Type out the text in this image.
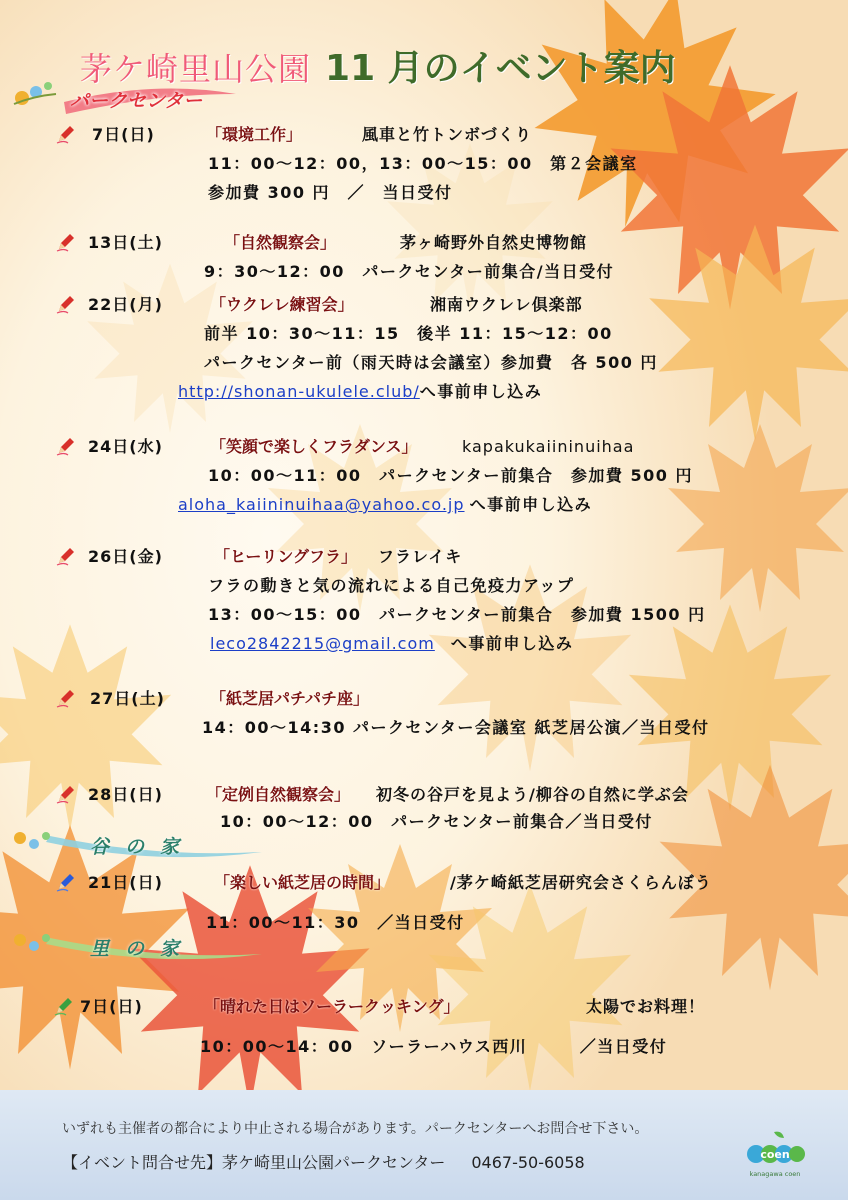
茅ケ崎里山公園 11 月のイベント案内
パークセンター
谷の家
里の家
7日(日)	「環境工作」	風車と竹トンボづくり
11：00～12：00，13：00～15：00　第２会議室
参加費 300 円　／　当日受付
13日(土)	「自然観察会」	茅ヶ崎野外自然史博物館
9：30～12：00　パークセンター前集合/当日受付
22日(月)	「ウクレレ練習会」	湘南ウクレレ倶楽部
前半 10：30～11：15　後半 11：15～12：00
パークセンター前（雨天時は会議室）参加費　各 500 円
http://shonan-ukulele.club/へ事前申し込み
24日(水)	「笑顔で楽しくフラダンス」	kapakukaiininuihaa
10：00～11：00　パークセンター前集合　参加費 500 円
aloha_kaiininuihaa@yahoo.co.jp へ事前申し込み
26日(金)	「ヒーリングフラ」 フラレイキ
フラの動きと気の流れによる自己免疫力アップ
13：00～15：00　パークセンター前集合　参加費 1500 円
leco2842215@gmail.com　 へ事前申し込み
27日(土)	「紙芝居パチパチ座」
14：00～14:30 パークセンター会議室 紙芝居公演／当日受付
28日(日)	「定例自然観察会」 初冬の谷戸を見よう/柳谷の自然に学ぶ会
10：00～12：00　パークセンター前集合／当日受付
21日(日)	「楽しい紙芝居の時間」	/茅ケ崎紙芝居研究会さくらんぼう
11：00～11：30　／当日受付
7日(日)	「晴れた日はソーラークッキング」	太陽でお料理！
10：00～14：00　ソーラーハウス西川　　　／当日受付
いずれも主催者の都合により中止される場合があります。パークセンターへお問合せ下さい。
【イベント問合せ先】茅ケ崎里山公園パークセンター 0467-50-6058	coen
kanagawa coen
